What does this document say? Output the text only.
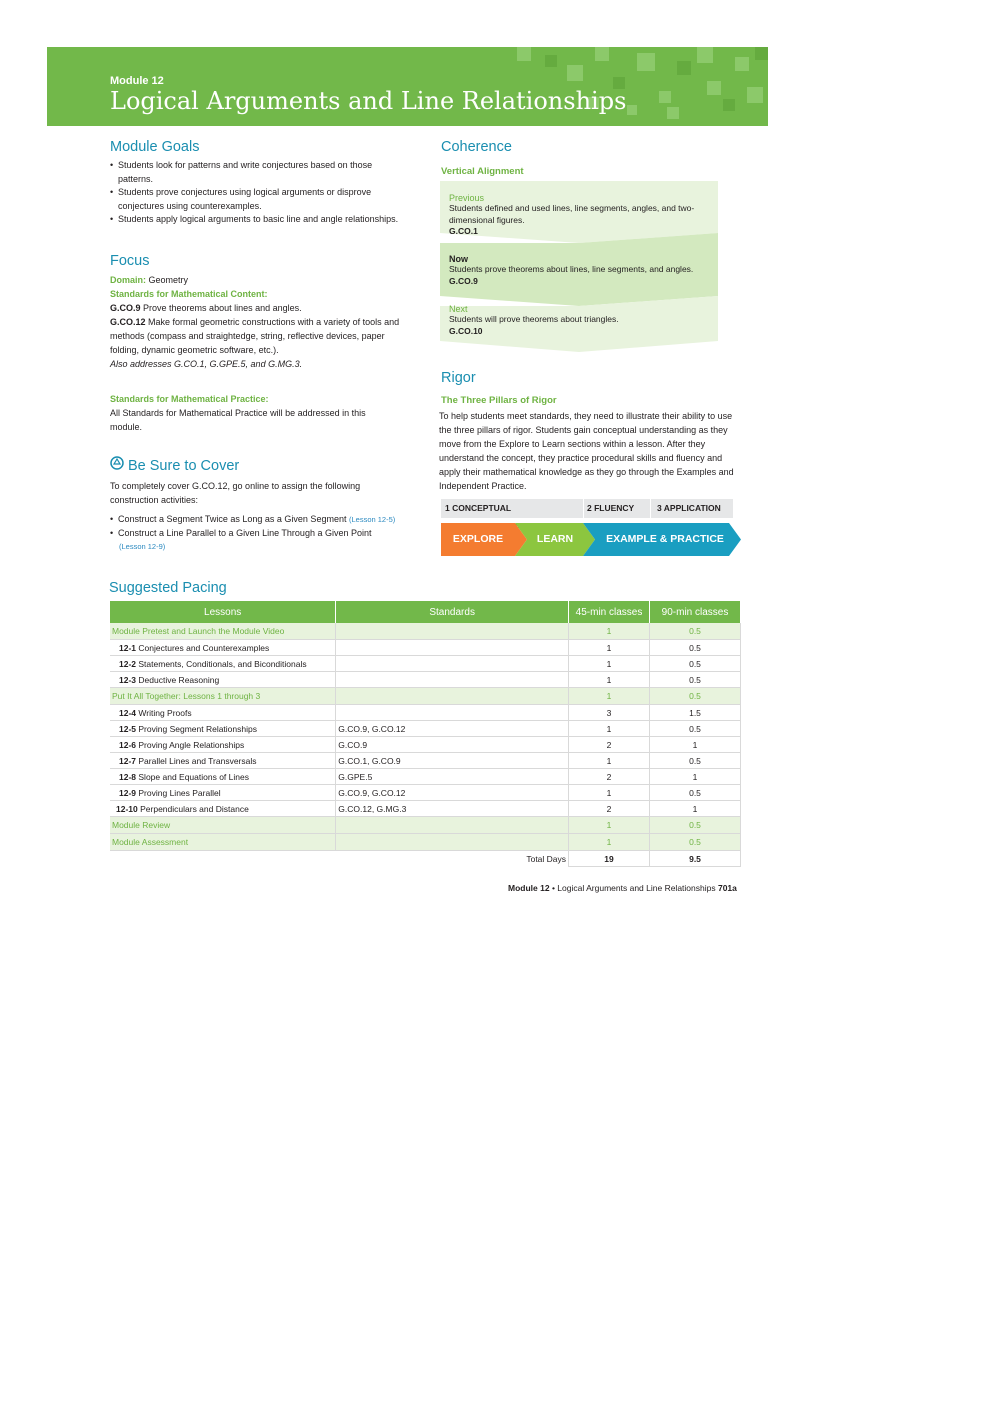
Module 12
Logical Arguments and Line Relationships
Module Goals
• Students look for patterns and write conjectures based on those patterns.
• Students prove conjectures using logical arguments or disprove conjectures using counterexamples.
• Students apply logical arguments to basic line and angle relationships.
Focus
Domain: Geometry
Standards for Mathematical Content:
G.CO.9 Prove theorems about lines and angles.
G.CO.12 Make formal geometric constructions with a variety of tools and methods (compass and straightedge, string, reflective devices, paper folding, dynamic geometric software, etc.).
Also addresses G.CO.1, G.GPE.5, and G.MG.3.
Standards for Mathematical Practice:
All Standards for Mathematical Practice will be addressed in this module.
Be Sure to Cover
To completely cover G.CO.12, go online to assign the following construction activities:
• Construct a Segment Twice as Long as a Given Segment (Lesson 12-5)
• Construct a Line Parallel to a Given Line Through a Given Point (Lesson 12-9)
Coherence
Vertical Alignment
Previous
Students defined and used lines, line segments, angles, and two-dimensional figures.
G.CO.1
Now
Students prove theorems about lines, line segments, and angles.
G.CO.9
Next
Students will prove theorems about triangles.
G.CO.10
Rigor
The Three Pillars of Rigor
To help students meet standards, they need to illustrate their ability to use the three pillars of rigor. Students gain conceptual understanding as they move from the Explore to Learn sections within a lesson. After they understand the concept, they practice procedural skills and fluency and apply their mathematical knowledge as they go through the Examples and Independent Practice.
1 CONCEPTUAL	2 FLUENCY	3 APPLICATION
EXPLORE	LEARN	EXAMPLE & PRACTICE
Suggested Pacing
Lessons	Standards	45-min classes	90-min classes
Module Pretest and Launch the Module Video		1	0.5
12-1 Conjectures and Counterexamples		1	0.5
12-2 Statements, Conditionals, and Biconditionals		1	0.5
12-3 Deductive Reasoning		1	0.5
Put It All Together: Lessons 1 through 3		1	0.5
12-4 Writing Proofs		3	1.5
12-5 Proving Segment Relationships	G.CO.9, G.CO.12	1	0.5
12-6 Proving Angle Relationships	G.CO.9	2	1
12-7 Parallel Lines and Transversals	G.CO.1, G.CO.9	1	0.5
12-8 Slope and Equations of Lines	G.GPE.5	2	1
12-9 Proving Lines Parallel	G.CO.9, G.CO.12	1	0.5
12-10 Perpendiculars and Distance	G.CO.12, G.MG.3	2	1
Module Review		1	0.5
Module Assessment		1	0.5
	Total Days	19	9.5
Module 12 • Logical Arguments and Line Relationships 701a
